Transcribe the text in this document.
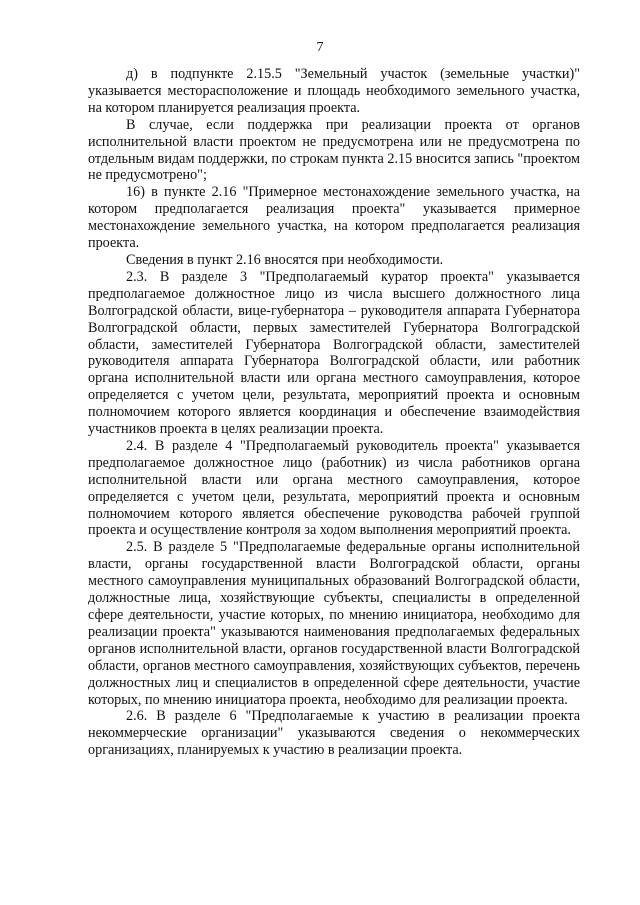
7

д) в подпункте 2.15.5 "Земельный участок (земельные участки)" указывается месторасположение и площадь необходимого земельного участка, на котором планируется реализация проекта.

В случае, если поддержка при реализации проекта от органов исполнительной власти проектом не предусмотрена или не предусмотрена по отдельным видам поддержки, по строкам пункта 2.15 вносится запись "проектом не предусмотрено";

16) в пункте 2.16 "Примерное местонахождение земельного участка, на котором предполагается реализация проекта" указывается примерное местонахождение земельного участка, на котором предполагается реализация проекта.

Сведения в пункт 2.16 вносятся при необходимости.

2.3. В разделе 3 "Предполагаемый куратор проекта" указывается предполагаемое должностное лицо из числа высшего должностного лица Волгоградской области, вице-губернатора – руководителя аппарата Губернатора Волгоградской области, первых заместителей Губернатора Волгоградской области, заместителей Губернатора Волгоградской области, заместителей руководителя аппарата Губернатора Волгоградской области, или работник органа исполнительной власти или органа местного самоуправления, которое определяется с учетом цели, результата, мероприятий проекта и основным полномочием которого является координация и обеспечение взаимодействия участников проекта в целях реализации проекта.

2.4. В разделе 4 "Предполагаемый руководитель проекта" указывается предполагаемое должностное лицо (работник) из числа работников органа исполнительной власти или органа местного самоуправления, которое определяется с учетом цели, результата, мероприятий проекта и основным полномочием которого является обеспечение руководства рабочей группой проекта и осуществление контроля за ходом выполнения мероприятий проекта.

2.5. В разделе 5 "Предполагаемые федеральные органы исполнительной власти, органы государственной власти Волгоградской области, органы местного самоуправления муниципальных образований Волгоградской области, должностные лица, хозяйствующие субъекты, специалисты в определенной сфере деятельности, участие которых, по мнению инициатора, необходимо для реализации проекта" указываются наименования предполагаемых федеральных органов исполнительной власти, органов государственной власти Волгоградской области, органов местного самоуправления, хозяйствующих субъектов, перечень должностных лиц и специалистов в определенной сфере деятельности, участие которых, по мнению инициатора проекта, необходимо для реализации проекта.

2.6. В разделе 6 "Предполагаемые к участию в реализации проекта некоммерческие организации" указываются сведения о некоммерческих организациях, планируемых к участию в реализации проекта.
